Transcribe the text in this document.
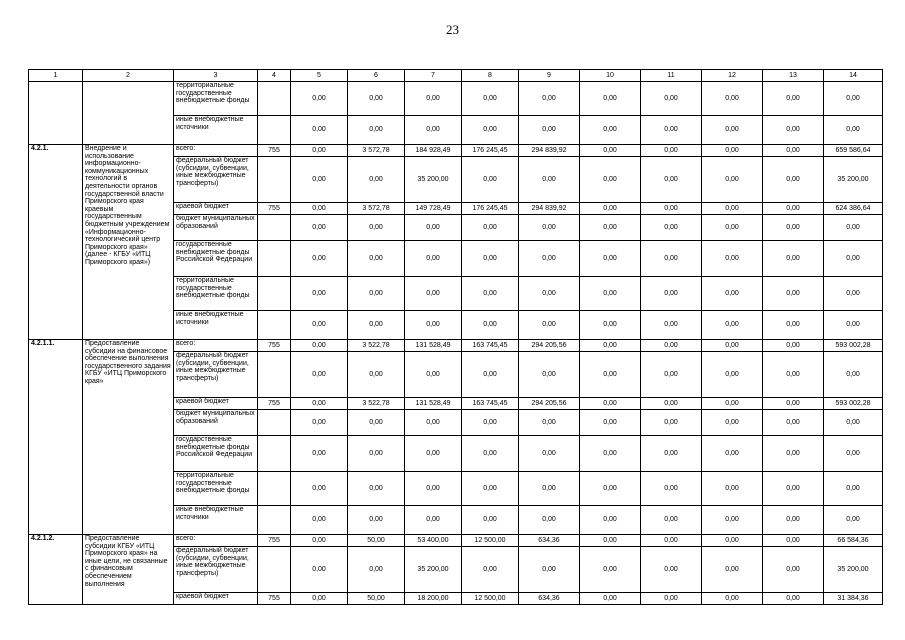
23
1	2	3	4	5	6	7	8	9	10	11	12	13	14
		территориальные государственные внебюджетные фонды		0,00	0,00	0,00	0,00	0,00	0,00	0,00	0,00	0,00	0,00
		иные внебюджетные источники		0,00	0,00	0,00	0,00	0,00	0,00	0,00	0,00	0,00	0,00
4.2.1.	Внедрение и использование информационно-коммуникационных технологий в деятельности органов государственной власти Приморского края краевым государственным бюджетным учреждением «Информационно-технологический центр Приморского края» (далее - КГБУ «ИТЦ Приморского края»)	всего:	755	0,00	3 572,78	184 928,49	176 245,45	294 839,92	0,00	0,00	0,00	0,00	659 586,64
		федеральный бюджет (субсидии, субвенции, иные межбюджетные трансферты)		0,00	0,00	35 200,00	0,00	0,00	0,00	0,00	0,00	0,00	35 200,00
		краевой бюджет	755	0,00	3 572,78	149 728,49	176 245,45	294 839,92	0,00	0,00	0,00	0,00	624 386,64
		бюджет муниципальных образований		0,00	0,00	0,00	0,00	0,00	0,00	0,00	0,00	0,00	0,00
		государственные внебюджетные фонды Российской Федерации		0,00	0,00	0,00	0,00	0,00	0,00	0,00	0,00	0,00	0,00
		территориальные государственные внебюджетные фонды		0,00	0,00	0,00	0,00	0,00	0,00	0,00	0,00	0,00	0,00
		иные внебюджетные источники		0,00	0,00	0,00	0,00	0,00	0,00	0,00	0,00	0,00	0,00
4.2.1.1.	Предоставление субсидии на финансовое обеспечение выполнения государственного задания КГБУ «ИТЦ Приморского края»	всего:	755	0,00	3 522,78	131 528,49	163 745,45	294 205,56	0,00	0,00	0,00	0,00	593 002,28
		федеральный бюджет (субсидии, субвенции, иные межбюджетные трансферты)		0,00	0,00	0,00	0,00	0,00	0,00	0,00	0,00	0,00	0,00
		краевой бюджет	755	0,00	3 522,78	131 528,49	163 745,45	294 205,56	0,00	0,00	0,00	0,00	593 002,28
		бюджет муниципальных образований		0,00	0,00	0,00	0,00	0,00	0,00	0,00	0,00	0,00	0,00
		государственные внебюджетные фонды Российской Федерации		0,00	0,00	0,00	0,00	0,00	0,00	0,00	0,00	0,00	0,00
		территориальные государственные внебюджетные фонды		0,00	0,00	0,00	0,00	0,00	0,00	0,00	0,00	0,00	0,00
		иные внебюджетные источники		0,00	0,00	0,00	0,00	0,00	0,00	0,00	0,00	0,00	0,00
4.2.1.2.	Предоставление субсидии КГБУ «ИТЦ Приморского края» на иные цели, не связанные с финансовым обеспечением выполнения	всего:	755	0,00	50,00	53 400,00	12 500,00	634,36	0,00	0,00	0,00	0,00	66 584,36
		федеральный бюджет (субсидии, субвенции, иные межбюджетные трансферты)		0,00	0,00	35 200,00	0,00	0,00	0,00	0,00	0,00	0,00	35 200,00
		краевой бюджет	755	0,00	50,00	18 200,00	12 500,00	634,36	0,00	0,00	0,00	0,00	31 384,36
